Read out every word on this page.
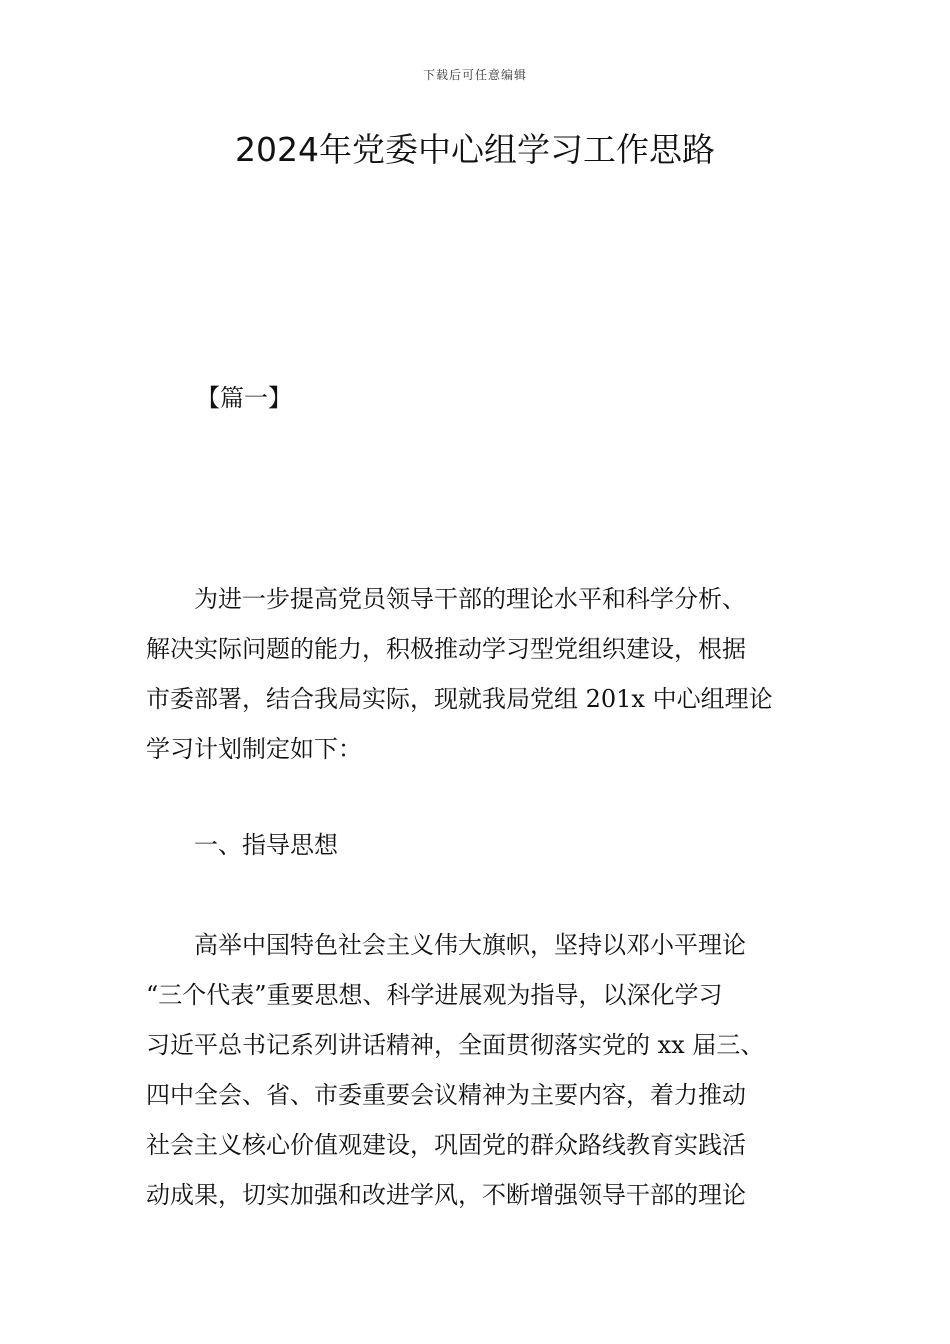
下载后可任意编辑
2024年党委中心组学习工作思路
【篇一】

　　为进一步提高党员领导干部的理论水平和科学分析、
解决实际问题的能力，积极推动学习型党组织建设，根据
市委部署，结合我局实际，现就我局党组 201x 中心组理论
学习计划制定如下：

　　一、指导思想

　　高举中国特色社会主义伟大旗帜，坚持以邓小平理论
“三个代表”重要思想、科学进展观为指导，以深化学习
习近平总书记系列讲话精神，全面贯彻落实党的 xx 届三、
四中全会、省、市委重要会议精神为主要内容，着力推动
社会主义核心价值观建设，巩固党的群众路线教育实践活
动成果，切实加强和改进学风，不断增强领导干部的理论
